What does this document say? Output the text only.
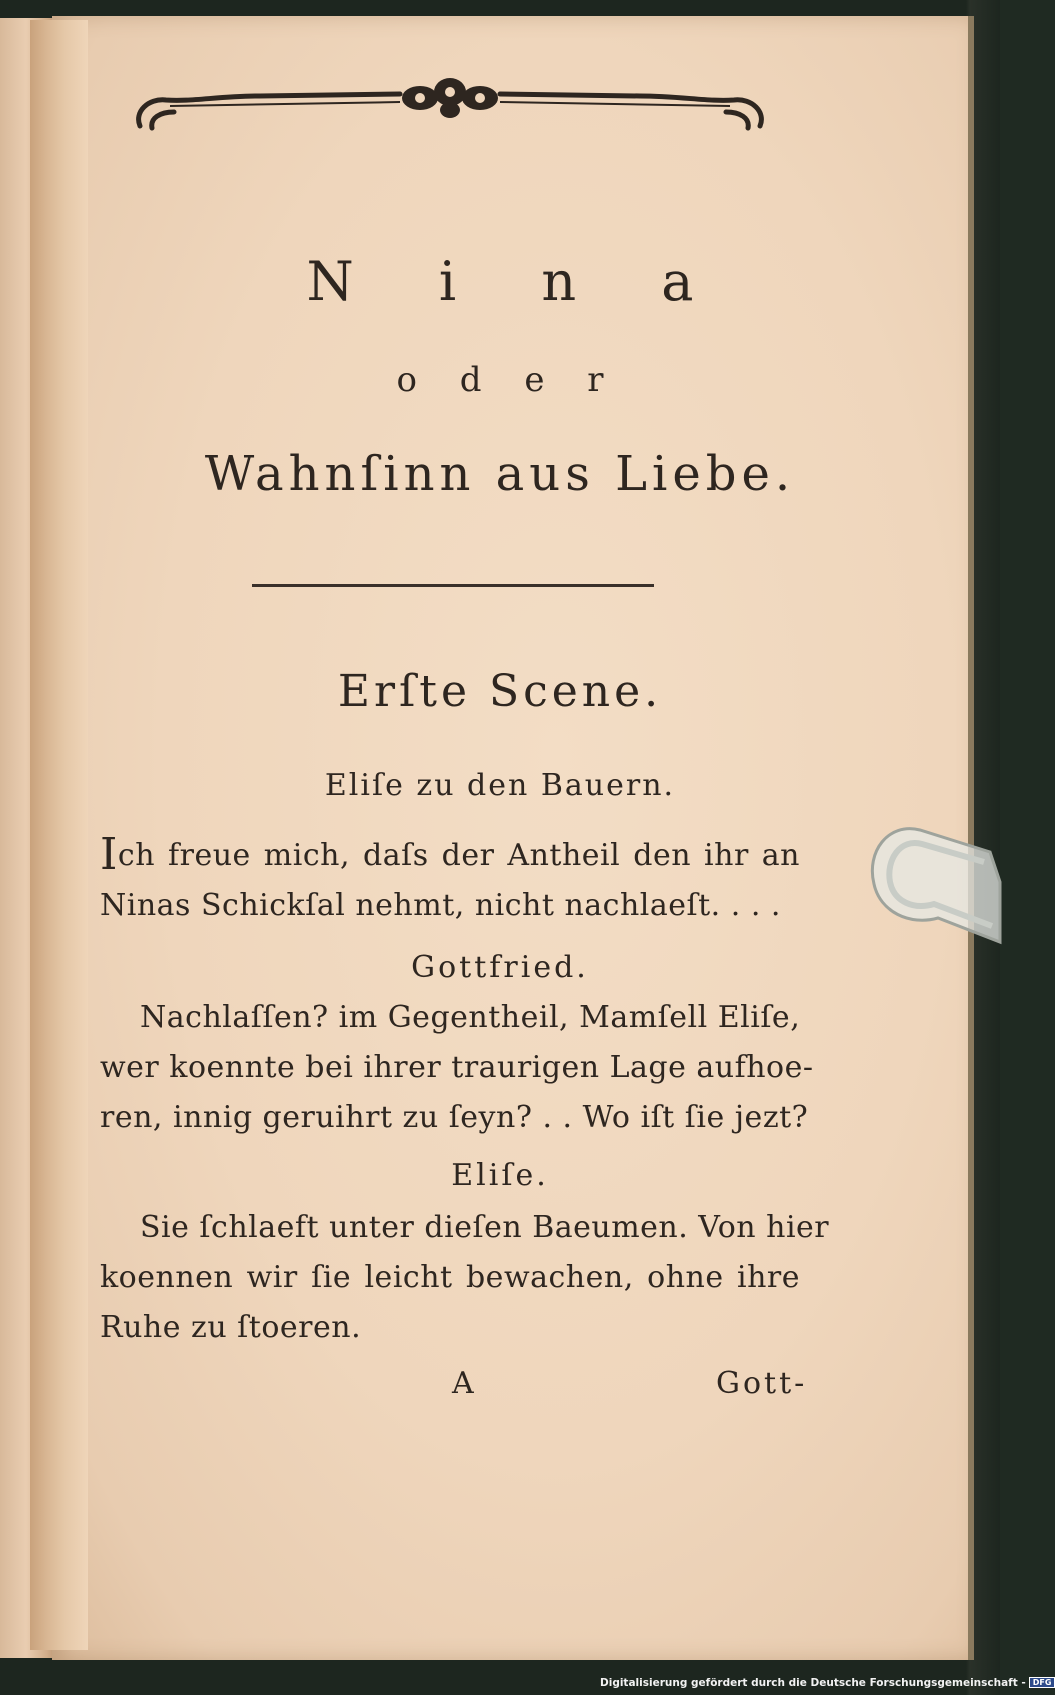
N i n a
o d e r
Wahnſinn aus Liebe.
Erſte Scene.
Eliſe zu den Bauern.
Ich freue mich, daſs der Antheil den ihr an
Ninas Schickſal nehmt, nicht nachlaeſt. . . .
Gottfried.
Nachlaſſen? im Gegentheil, Mamſell Eliſe,
wer koennte bei ihrer traurigen Lage aufhoe-
ren, innig geruihrt zu ſeyn? . . Wo iſt ſie jezt?
Eliſe.
Sie ſchlaeft unter dieſen Baeumen. Von hier
koennen wir ſie leicht bewachen, ohne ihre
Ruhe zu ſtoeren.
A	Gott-
Digitalisierung gefördert durch die Deutsche Forschungsgemeinschaft - DFG
